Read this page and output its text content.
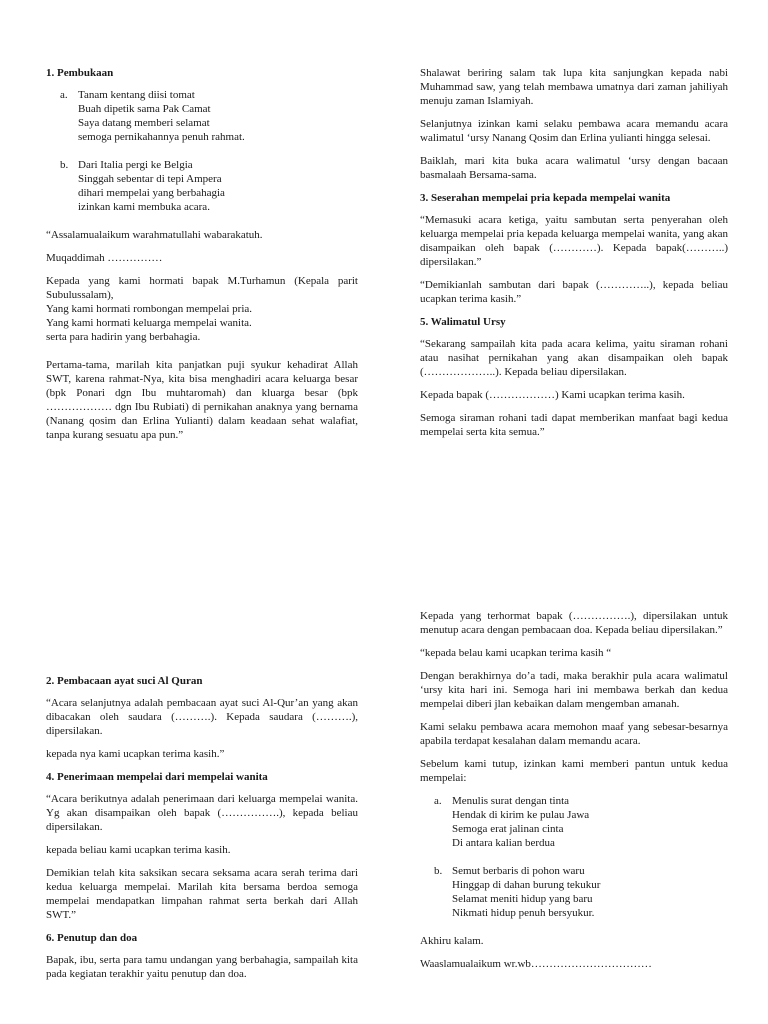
1. Pembukaan
a. Tanam kentang diisi tomat
Buah dipetik sama Pak Camat
Saya datang memberi selamat
semoga pernikahannya penuh rahmat.
b. Dari Italia pergi ke Belgia
Singgah sebentar di tepi Ampera
dihari mempelai yang berbahagia
izinkan kami membuka acara.

“Assalamualaikum warahmatullahi wabarakatuh.

Muqaddimah ……………

Kepada yang kami hormati bapak M.Turhamun (Kepala parit Subulussalam),

Yang kami hormati rombongan mempelai pria.

Yang kami hormati keluarga mempelai wanita.

serta para hadirin yang berbahagia.

Pertama-tama, marilah kita panjatkan puji syukur kehadirat Allah SWT, karena rahmat-Nya, kita bisa menghadiri acara keluarga besar (bpk Ponari dgn Ibu muhtaromah) dan kluarga besar (bpk ……………… dgn Ibu Rubiati) di pernikahan anaknya yang bernama (Nanang qosim dan Erlina Yulianti) dalam keadaan sehat walafiat, tanpa kurang sesuatu apa pun.”

Shalawat beriring salam tak lupa kita sanjungkan kepada nabi Muhammad saw, yang telah membawa umatnya dari zaman jahiliyah menuju zaman Islamiyah.

Selanjutnya izinkan kami selaku pembawa acara memandu acara walimatul ‘ursy Nanang Qosim dan Erlina yulianti hingga selesai.

Baiklah, mari kita buka acara walimatul ‘ursy dengan bacaan basmalaah Bersama-sama.

3. Seserahan mempelai pria kepada mempelai wanita

“Memasuki acara ketiga, yaitu sambutan serta penyerahan oleh keluarga mempelai pria kepada keluarga mempelai wanita, yang akan disampaikan oleh bapak (…………). Kepada bapak(………..) dipersilakan.”

“Demikianlah sambutan dari bapak (…………..), kepada beliau ucapkan terima kasih.”

5. Walimatul Ursy

“Sekarang sampailah kita pada acara kelima, yaitu siraman rohani atau nasihat pernikahan yang akan disampaikan oleh bapak (………………..). Kepada beliau dipersilakan.

Kepada bapak (………………) Kami ucapkan terima kasih.

Semoga siraman rohani tadi dapat memberikan manfaat bagi kedua mempelai serta kita semua.”

2. Pembacaan ayat suci Al Quran

“Acara selanjutnya adalah pembacaan ayat suci Al-Qur’an yang akan dibacakan oleh saudara (……….). Kepada saudara (……….), dipersilakan.

kepada nya kami ucapkan terima kasih.”

4. Penerimaan mempelai dari mempelai wanita

“Acara berikutnya adalah penerimaan dari keluarga mempelai wanita. Yg akan disampaikan oleh bapak (…………….), kepada beliau dipersilakan.

kepada beliau kami ucapkan terima kasih.

Demikian telah kita saksikan secara seksama acara serah terima dari kedua keluarga mempelai. Marilah kita bersama berdoa semoga mempelai mendapatkan limpahan rahmat serta berkah dari Allah SWT.”

6. Penutup dan doa

Bapak, ibu, serta para tamu undangan yang berbahagia, sampailah kita pada kegiatan terakhir yaitu penutup dan doa.

Kepada yang terhormat bapak (…………….), dipersilakan untuk menutup acara dengan pembacaan doa. Kepada beliau dipersilakan.”

“kepada belau kami ucapkan terima kasih “

Dengan berakhirnya do’a tadi, maka berakhir pula acara walimatul ‘ursy kita hari ini. Semoga hari ini membawa berkah dan kedua mempelai diberi jlan kebaikan dalam mengemban amanah.

Kami selaku pembawa acara memohon maaf yang sebesar-besarnya apabila terdapat kesalahan dalam memandu acara.

Sebelum kami tutup, izinkan kami memberi pantun untuk kedua mempelai:

a. Menulis surat dengan tinta
Hendak di kirim ke pulau Jawa
Semoga erat jalinan cinta
Di antara kalian berdua
b. Semut berbaris di pohon waru
Hinggap di dahan burung tekukur
Selamat meniti hidup yang baru
Nikmati hidup penuh bersyukur.

Akhiru kalam.

Waaslamualaikum wr.wb……………………………
